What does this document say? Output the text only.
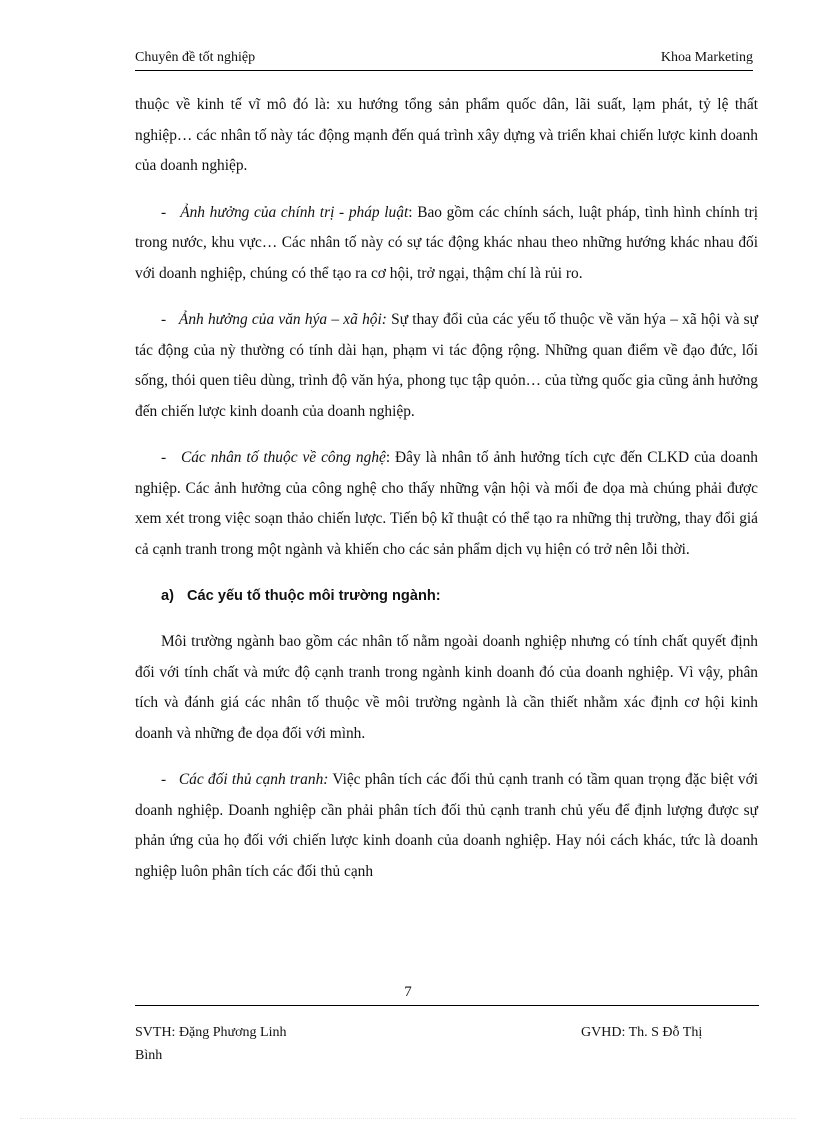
Chuyên đề tốt nghiệp	Khoa Marketing

thuộc về kinh tế vĩ mô đó là: xu hướng tổng sản phẩm quốc dân, lãi suất, lạm phát, tỷ lệ thất nghiệp… các nhân tố này tác động mạnh đến quá trình xây dựng và triển khai chiến lược kinh doanh của doanh nghiệp.

- Ảnh hưởng của chính trị - pháp luật: Bao gồm các chính sách, luật pháp, tình hình chính trị trong nước, khu vực… Các nhân tố này có sự tác động khác nhau theo những hướng khác nhau đối với doanh nghiệp, chúng có thể tạo ra cơ hội, trở ngại, thậm chí là rủi ro.

- Ảnh hưởng của văn hýa – xã hội: Sự thay đổi của các yếu tố thuộc về văn hýa – xã hội và sự tác động của nỳ thường có tính dài hạn, phạm vi tác động rộng. Những quan điểm về đạo đức, lối sống, thói quen tiêu dùng, trình độ văn hýa, phong tục tập quỏn… của từng quốc gia cũng ảnh hưởng đến chiến lược kinh doanh của doanh nghiệp.

- Các nhân tố thuộc về công nghệ: Đây là nhân tố ảnh hưởng tích cực đến CLKD của doanh nghiệp. Các ảnh hưởng của công nghệ cho thấy những vận hội và mối đe dọa mà chúng phải được xem xét trong việc soạn thảo chiến lược. Tiến bộ kĩ thuật có thể tạo ra những thị trường, thay đổi giá cả cạnh tranh trong một ngành và khiến cho các sản phẩm dịch vụ hiện có trở nên lỗi thời.

a) Các yếu tố thuộc môi trường ngành:

Môi trường ngành bao gồm các nhân tố nằm ngoài doanh nghiệp nhưng có tính chất quyết định đối với tính chất và mức độ cạnh tranh trong ngành kinh doanh đó của doanh nghiệp. Vì vậy, phân tích và đánh giá các nhân tố thuộc về môi trường ngành là cần thiết nhằm xác định cơ hội kinh doanh và những đe dọa đối với mình.

- Các đối thủ cạnh tranh: Việc phân tích các đối thủ cạnh tranh có tầm quan trọng đặc biệt với doanh nghiệp. Doanh nghiệp cần phải phân tích đối thủ cạnh tranh chủ yếu để định lượng được sự phản ứng của họ đối với chiến lược kinh doanh của doanh nghiệp. Hay nói cách khác, tức là doanh nghiệp luôn phân tích các đối thủ cạnh

7
SVTH: Đặng Phương Linh	GVHD: Th. S Đỗ Thị
Bình
